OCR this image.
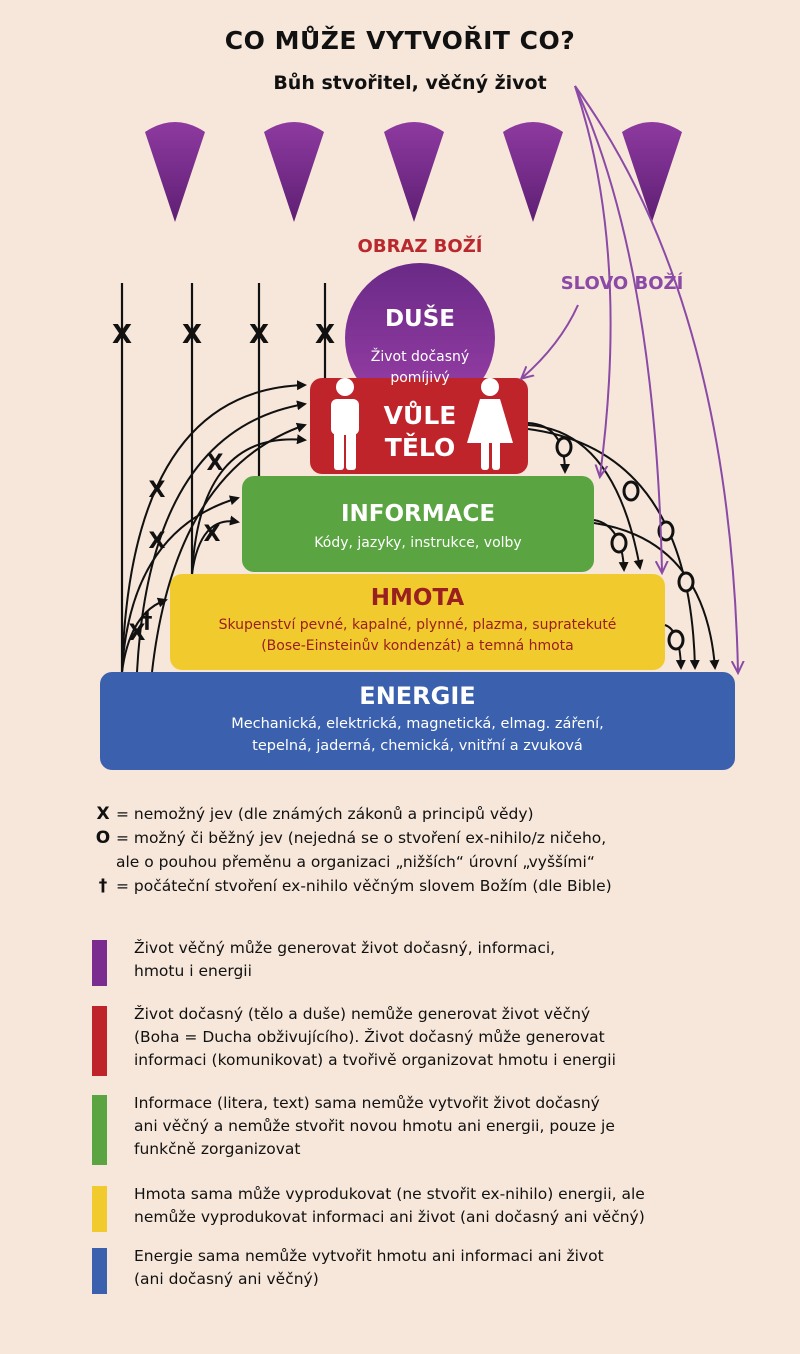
CO MŮŽE VYTVOŘIT CO?
Bůh stvořitel, věčný život
X X X X
X
X
X X
X
†
OBRAZ BOŽÍ
SLOVO BOŽÍ
DUŠE
Život dočasný
pomíjivý
VŮLE
TĚLO
INFORMACE
Kódy, jazyky, instrukce, volby
HMOTA
Skupenství pevné, kapalné, plynné, plazma, supratekuté
(Bose-Einsteinův kondenzát) a temná hmota
ENERGIE
Mechanická, elektrická, magnetická, elmag. záření,
tepelná, jaderná, chemická, vnitřní a zvuková
X = nemožný jev (dle známých zákonů a principů vědy)
O = možný či běžný jev (nejedná se o stvoření ex-nihilo/z ničeho,
ale o pouhou přeměnu a organizaci „nižších“ úrovní „vyššími“
† = počáteční stvoření ex-nihilo věčným slovem Božím (dle Bible)
Život věčný může generovat život dočasný, informaci,
hmotu i energii
Život dočasný (tělo a duše) nemůže generovat život věčný
(Boha = Ducha obživujícího). Život dočasný může generovat
informaci (komunikovat) a tvořivě organizovat hmotu i energii
Informace (litera, text) sama nemůže vytvořit život dočasný
ani věčný a nemůže stvořit novou hmotu ani energii, pouze je
funkčně zorganizovat
Hmota sama může vyprodukovat (ne stvořit ex-nihilo) energii, ale
nemůže vyprodukovat informaci ani život (ani dočasný ani věčný)
Energie sama nemůže vytvořit hmotu ani informaci ani život
(ani dočasný ani věčný)
